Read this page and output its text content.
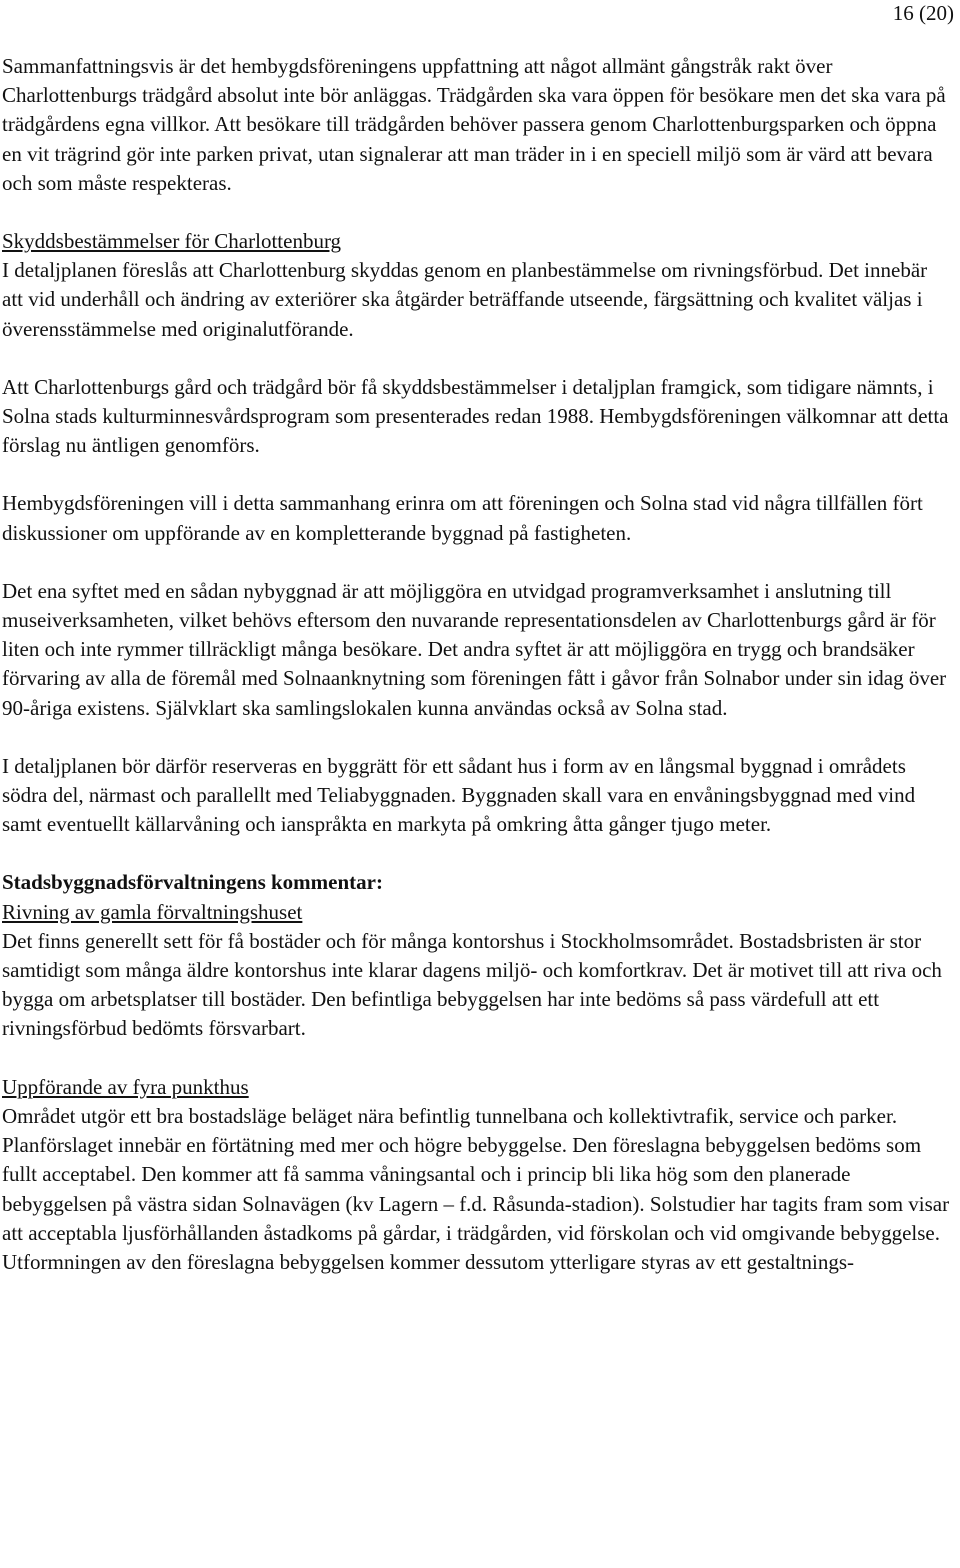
16 (20)

Sammanfattningsvis är det hembygdsföreningens uppfattning att något allmänt gångstråk rakt över Charlottenburgs trädgård absolut inte bör anläggas. Trädgården ska vara öppen för besökare men det ska vara på trädgårdens egna villkor. Att besökare till trädgården behöver passera genom Charlottenburgsparken och öppna en vit trägrind gör inte parken privat, utan signalerar att man träder in i en speciell miljö som är värd att bevara och som måste respekteras.

Skyddsbestämmelser för Charlottenburg
I detaljplanen föreslås att Charlottenburg skyddas genom en planbestämmelse om rivningsförbud. Det innebär att vid underhåll och ändring av exteriörer ska åtgärder beträffande utseende, färgsättning och kvalitet väljas i överensstämmelse med originalutförande.

Att Charlottenburgs gård och trädgård bör få skyddsbestämmelser i detaljplan framgick, som tidigare nämnts, i Solna stads kulturminnesvårdsprogram som presenterades redan 1988. Hembygdsföreningen välkomnar att detta förslag nu äntligen genomförs.

Hembygdsföreningen vill i detta sammanhang erinra om att föreningen och Solna stad vid några tillfällen fört diskussioner om uppförande av en kompletterande byggnad på fastigheten.

Det ena syftet med en sådan nybyggnad är att möjliggöra en utvidgad programverksamhet i anslutning till museiverksamheten, vilket behövs eftersom den nuvarande representationsdelen av Charlottenburgs gård är för liten och inte rymmer tillräckligt många besökare. Det andra syftet är att möjliggöra en trygg och brandsäker förvaring av alla de föremål med Solnaanknytning som föreningen fått i gåvor från Solnabor under sin idag över 90-åriga existens. Självklart ska samlingslokalen kunna användas också av Solna stad.

I detaljplanen bör därför reserveras en byggrätt för ett sådant hus i form av en långsmal byggnad i områdets södra del, närmast och parallellt med Teliabyggnaden. Byggnaden skall vara en envåningsbyggnad med vind samt eventuellt källarvåning och ianspråkta en markyta på omkring åtta gånger tjugo meter.

Stadsbyggnadsförvaltningens kommentar:
Rivning av gamla förvaltningshuset
Det finns generellt sett för få bostäder och för många kontorshus i Stockholmsområdet. Bostadsbristen är stor samtidigt som många äldre kontorshus inte klarar dagens miljö- och komfortkrav. Det är motivet till att riva och bygga om arbetsplatser till bostäder. Den befintliga bebyggelsen har inte bedöms så pass värdefull att ett rivningsförbud bedömts försvarbart.

Uppförande av fyra punkthus
Området utgör ett bra bostadsläge beläget nära befintlig tunnelbana och kollektivtrafik, service och parker. Planförslaget innebär en förtätning med mer och högre bebyggelse. Den föreslagna bebyggelsen bedöms som fullt acceptabel. Den kommer att få samma våningsantal och i princip bli lika hög som den planerade bebyggelsen på västra sidan Solnavägen (kv Lagern – f.d. Råsunda-stadion). Solstudier har tagits fram som visar att acceptabla ljusförhållanden åstadkoms på gårdar, i trädgården, vid förskolan och vid omgivande bebyggelse. Utformningen av den föreslagna bebyggelsen kommer dessutom ytterligare styras av ett gestaltnings-
